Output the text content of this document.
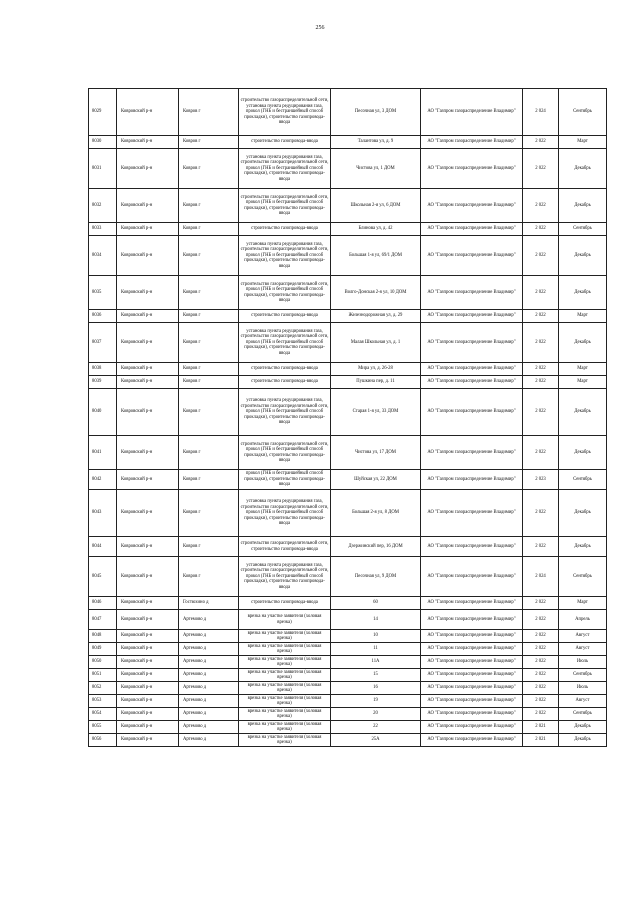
256
8029	Ковровский р-н	Ковров г	строительство газораспределительной сети, установка пункта редуцирования газа, прокол (ГНБ и бестраншейный способ прокладки), строительство газопровода-ввода	Песочная ул, 3 ДОМ	АО "Газпром газораспределение Владимир"	2 024	Сентябрь
8030	Ковровский р-н	Ковров г	строительство газопровода-ввода	Талантова ул, д. 9	АО "Газпром газораспределение Владимир"	2 022	Март
8031	Ковровский р-н	Ковров г	установка пункта редуцирования газа, строительство газораспределительной сети, прокол (ГНБ и бестраншейный способ прокладки), строительство газопровода-ввода	Чистова ул, 1 ДОМ	АО "Газпром газораспределение Владимир"	2 022	Декабрь
8032	Ковровский р-н	Ковров г	строительство газораспределительной сети, прокол (ГНБ и бестраншейный способ прокладки), строительство газопровода-ввода	Школьная 2-я ул, 6 ДОМ	АО "Газпром газораспределение Владимир"	2 022	Декабрь
8033	Ковровский р-н	Ковров г	строительство газопровода-ввода	Блинова ул, д. 42	АО "Газпром газораспределение Владимир"	2 022	Сентябрь
8034	Ковровский р-н	Ковров г	установка пункта редуцирования газа, строительство газораспределительной сети, прокол (ГНБ и бестраншейный способ прокладки), строительство газопровода-ввода	Большая 1-я ул, 69/1 ДОМ	АО "Газпром газораспределение Владимир"	2 022	Декабрь
8035	Ковровский р-н	Ковров г	строительство газораспределительной сети, прокол (ГНБ и бестраншейный способ прокладки), строительство газопровода-ввода	Волго-Донская 2-я ул, 10 ДОМ	АО "Газпром газораспределение Владимир"	2 022	Декабрь
8036	Ковровский р-н	Ковров г	строительство газопровода-ввода	Железнодорожная ул, д. 29	АО "Газпром газораспределение Владимир"	2 022	Март
8037	Ковровский р-н	Ковров г	установка пункта редуцирования газа, строительство газораспределительной сети, прокол (ГНБ и бестраншейный способ прокладки), строительство газопровода-ввода	Малая Школьная ул, д. 1	АО "Газпром газораспределение Владимир"	2 022	Декабрь
8038	Ковровский р-н	Ковров г	строительство газопровода-ввода	Мира ул, д. 26-28	АО "Газпром газораспределение Владимир"	2 022	Март
8039	Ковровский р-н	Ковров г	строительство газопровода-ввода	Пушкина пер, д. 11	АО "Газпром газораспределение Владимир"	2 022	Март
8040	Ковровский р-н	Ковров г	установка пункта редуцирования газа, строительство газораспределительной сети, прокол (ГНБ и бестраншейный способ прокладки), строительство газопровода-ввода	Старая 1-я ул, 33 ДОМ	АО "Газпром газораспределение Владимир"	2 022	Декабрь
8041	Ковровский р-н	Ковров г	строительство газораспределительной сети, прокол (ГНБ и бестраншейный способ прокладки), строительство газопровода-ввода	Чистова ул, 17 ДОМ	АО "Газпром газораспределение Владимир"	2 022	Декабрь
8042	Ковровский р-н	Ковров г	прокол (ГНБ и бестраншейный способ прокладки), строительство газопровода-ввода	Шуйская ул, 22 ДОМ	АО "Газпром газораспределение Владимир"	2 023	Сентябрь
8043	Ковровский р-н	Ковров г	установка пункта редуцирования газа, строительство газораспределительной сети, прокол (ГНБ и бестраншейный способ прокладки), строительство газопровода-ввода	Большая 2-я ул, 8 ДОМ	АО "Газпром газораспределение Владимир"	2 022	Декабрь
8044	Ковровский р-н	Ковров г	строительство газораспределительной сети, строительство газопровода-ввода	Дзержинский пер, 16 ДОМ	АО "Газпром газораспределение Владимир"	2 022	Декабрь
8045	Ковровский р-н	Ковров г	установка пункта редуцирования газа, строительство газораспределительной сети, прокол (ГНБ и бестраншейный способ прокладки), строительство газопровода-ввода	Песочная ул, 9 ДОМ	АО "Газпром газораспределение Владимир"	2 024	Сентябрь
8046	Ковровский р-н	Гостюхино д	строительство газопровода-ввода	60	АО "Газпром газораспределение Владимир"	2 022	Март
8047	Ковровский р-н	Артемово д	врезка на участке заявителя (холовая врезка)	14	АО "Газпром газораспределение Владимир"	2 022	Апрель
8048	Ковровский р-н	Артемово д	врезка на участке заявителя (холовая врезка)	10	АО "Газпром газораспределение Владимир"	2 022	Август
8049	Ковровский р-н	Артемово д	врезка на участке заявителя (холовая врезка)	11	АО "Газпром газораспределение Владимир"	2 022	Август
8050	Ковровский р-н	Артемово д	врезка на участке заявителя (холовая врезка)	11А	АО "Газпром газораспределение Владимир"	2 022	Июль
8051	Ковровский р-н	Артемово д	врезка на участке заявителя (холовая врезка)	15	АО "Газпром газораспределение Владимир"	2 022	Сентябрь
8052	Ковровский р-н	Артемово д	врезка на участке заявителя (холовая врезка)	16	АО "Газпром газораспределение Владимир"	2 022	Июль
8053	Ковровский р-н	Артемово д	врезка на участке заявителя (холовая врезка)	19	АО "Газпром газораспределение Владимир"	2 022	Август
8054	Ковровский р-н	Артемово д	врезка на участке заявителя (холовая врезка)	20	АО "Газпром газораспределение Владимир"	2 022	Сентябрь
8055	Ковровский р-н	Артемово д	врезка на участке заявителя (холовая врезка)	22	АО "Газпром газораспределение Владимир"	2 021	Декабрь
8056	Ковровский р-н	Артемово д	врезка на участке заявителя (холовая врезка)	25А	АО "Газпром газораспределение Владимир"	2 021	Декабрь
